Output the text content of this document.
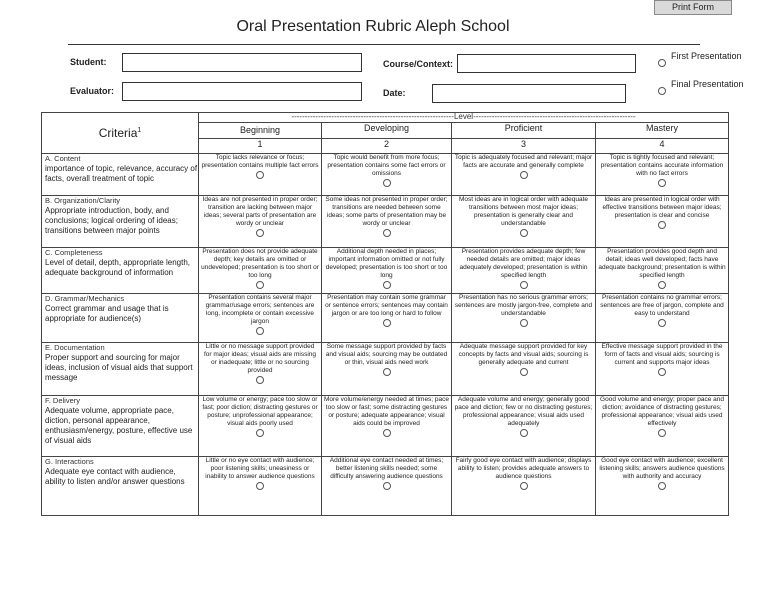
Print Form
Oral Presentation Rubric Aleph School
Student:	Course/Context:
Evaluator:	Date:
First Presentation
Final Presentation
Criteria$^1$	-------------------------------------------------------------Level-------------------------------------------------------------			

	Beginning	Developing	Proficient	Mastery
	1	2	3	4

A. Content
importance of topic, relevance, accuracy of facts, overall treatment of topic	Topic lacks relevance or focus; presentation contains multiple fact errors	Topic would benefit from more focus; presentation contains some fact errors or omissions	Topic is adequately focused and relevant; major facts are accurate and generally complete	Topic is tightly focused and relevant; presentation contains accurate information with no fact errors

B. Organization/Clarity
Appropriate introduction, body, and conclusions; logical ordering of ideas; transitions between major points	Ideas are not presented in proper order; transition are lacking between major ideas; several parts of presentation are wordy or unclear	Some ideas not presented in proper order; transitions are needed between some ideas; some parts of presentation may be wordy or unclear	Most ideas are in logical order with adequate transitions between most major ideas; presentation is generally clear and understandable	Ideas are presented in logical order with effective transitions between major ideas; presentation is clear and concise

C. Completeness
Level of detail, depth, appropriate length, adequate background of information	Presentation does not provide adequate depth; key details are omitted or undeveloped; presentation is too short or too long	Additional depth needed in places; important information omitted or not fully developed; presentation is too short or too long	Presentation provides adequate depth; few needed details are omitted; major ideas adequately developed; presentation is within specified length	Presentation provides good depth and detail; ideas well developed; facts have adequate background; presentation is within specified length

D. Grammar/Mechanics
Correct grammar and usage that is appropriate for audience(s)	Presentation contains several major grammar/usage errors; sentences are long, incomplete or contain excessive jargon	Presentation may contain some grammar or sentence errors; sentences may contain jargon or are too long or hard to follow	Presentation has no serious grammar errors; sentences are mostly jargon-free, complete and understandable	Presentation contains no grammar errors; sentences are free of jargon, complete and easy to understand

E. Documentation
Proper support and sourcing for major ideas, inclusion of visual aids that support message	Little or no message support provided for major ideas; visual aids are missing or inadequate; little or no sourcing provided	Some message support provided by facts and visual aids; sourcing may be outdated or thin, visual aids need work	Adequate message support provided for key concepts by facts and visual aids; sourcing is generally adequate and current	Effective message support provided in the form of facts and visual aids; sourcing is current and supports major ideas

F. Delivery
Adequate volume, appropriate pace, diction, personal appearance, enthusiasm/energy, posture, effective use of visual aids	Low volume or energy; pace too slow or fast; poor diction; distracting gestures or posture; unprofessional appearance; visual aids poorly used	More volume/energy needed at times; pace too slow or fast; some distracting gestures or posture; adequate appearance; visual aids could be improved	Adequate volume and energy; generally good pace and diction; few or no distracting gestures; professional appearance; visual aids used adequately	Good volume and energy; proper pace and diction; avoidance of distracting gestures; professional appearance; visual aids used effectively

G. Interactions
Adequate eye contact with audience, ability to listen and/or answer questions	Little or no eye contact with audience; poor listening skills; uneasiness or inability to answer audience questions	Additional eye contact needed at times; better listening skills needed; some difficulty answering audience questions	Fairly good eye contact with audience; displays ability to listen; provides adequate answers to audience questions	Good eye contact with audience; excellent listening skills; answers audience questions with authority and accuracy
